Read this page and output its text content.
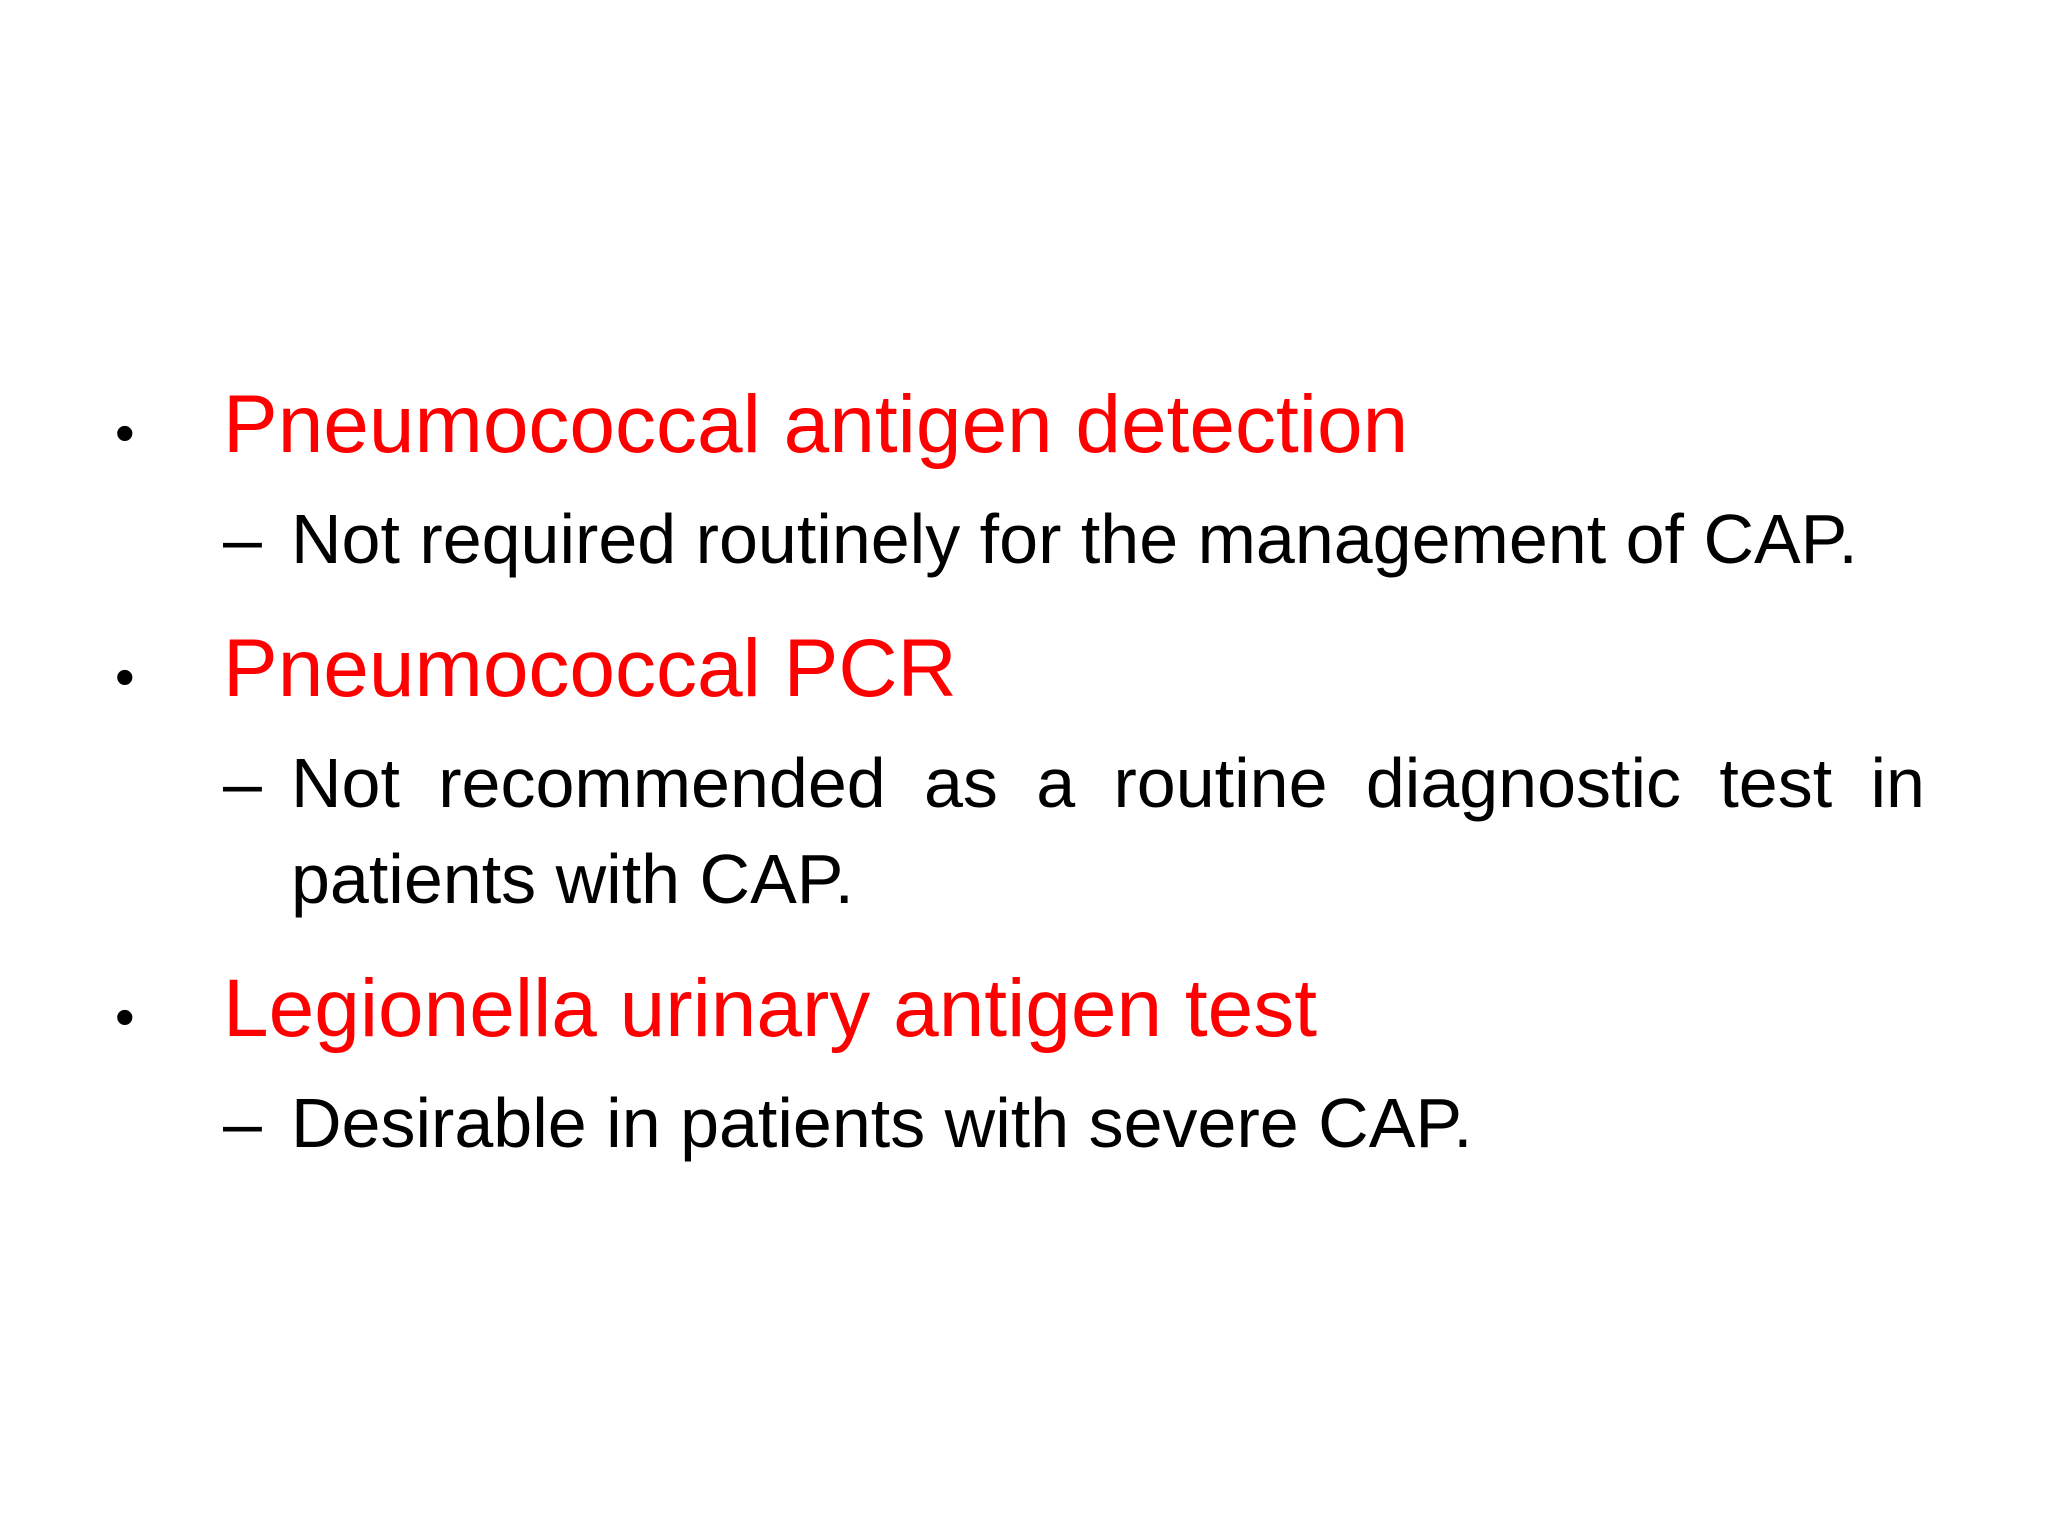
•	Pneumococcal antigen detection
– Not required routinely for the management of CAP.
•	Pneumococcal PCR
– Not recommended as a routine diagnostic test in patients with CAP.
•	Legionella urinary antigen test
– Desirable in patients with severe CAP.
